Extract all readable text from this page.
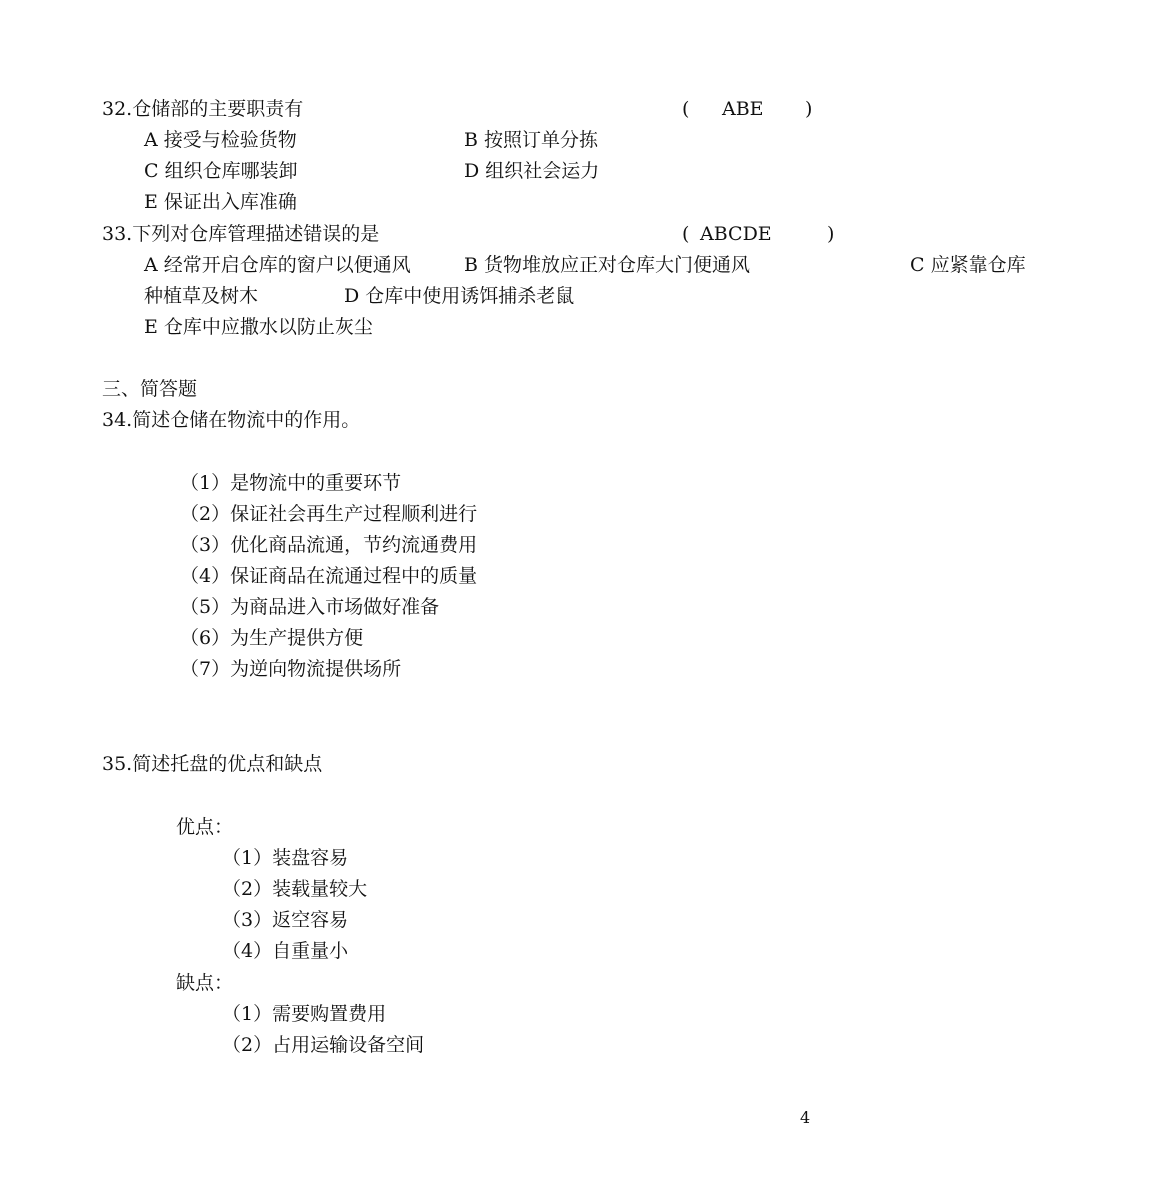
32.仓储部的主要职责有	( ABE )
A 接受与检验货物	B 按照订单分拣
C 组织仓库哪装卸	D 组织社会运力
E 保证出入库准确
33.下列对仓库管理描述错误的是	( ABCDE	)
A 经常开启仓库的窗户以便通风	B 货物堆放应正对仓库大门便通风	C 应紧靠仓库
种植草及树木	D 仓库中使用诱饵捕杀老鼠
E 仓库中应撒水以防止灰尘
三、简答题
34.简述仓储在物流中的作用。
（1）是物流中的重要环节
（2）保证社会再生产过程顺利进行
（3）优化商品流通，节约流通费用
（4）保证商品在流通过程中的质量
（5）为商品进入市场做好准备
（6）为生产提供方便
（7）为逆向物流提供场所
35.简述托盘的优点和缺点
优点：
（1）装盘容易
（2）装载量较大
（3）返空容易
（4）自重量小
缺点：
（1）需要购置费用
（2）占用运输设备空间
4
